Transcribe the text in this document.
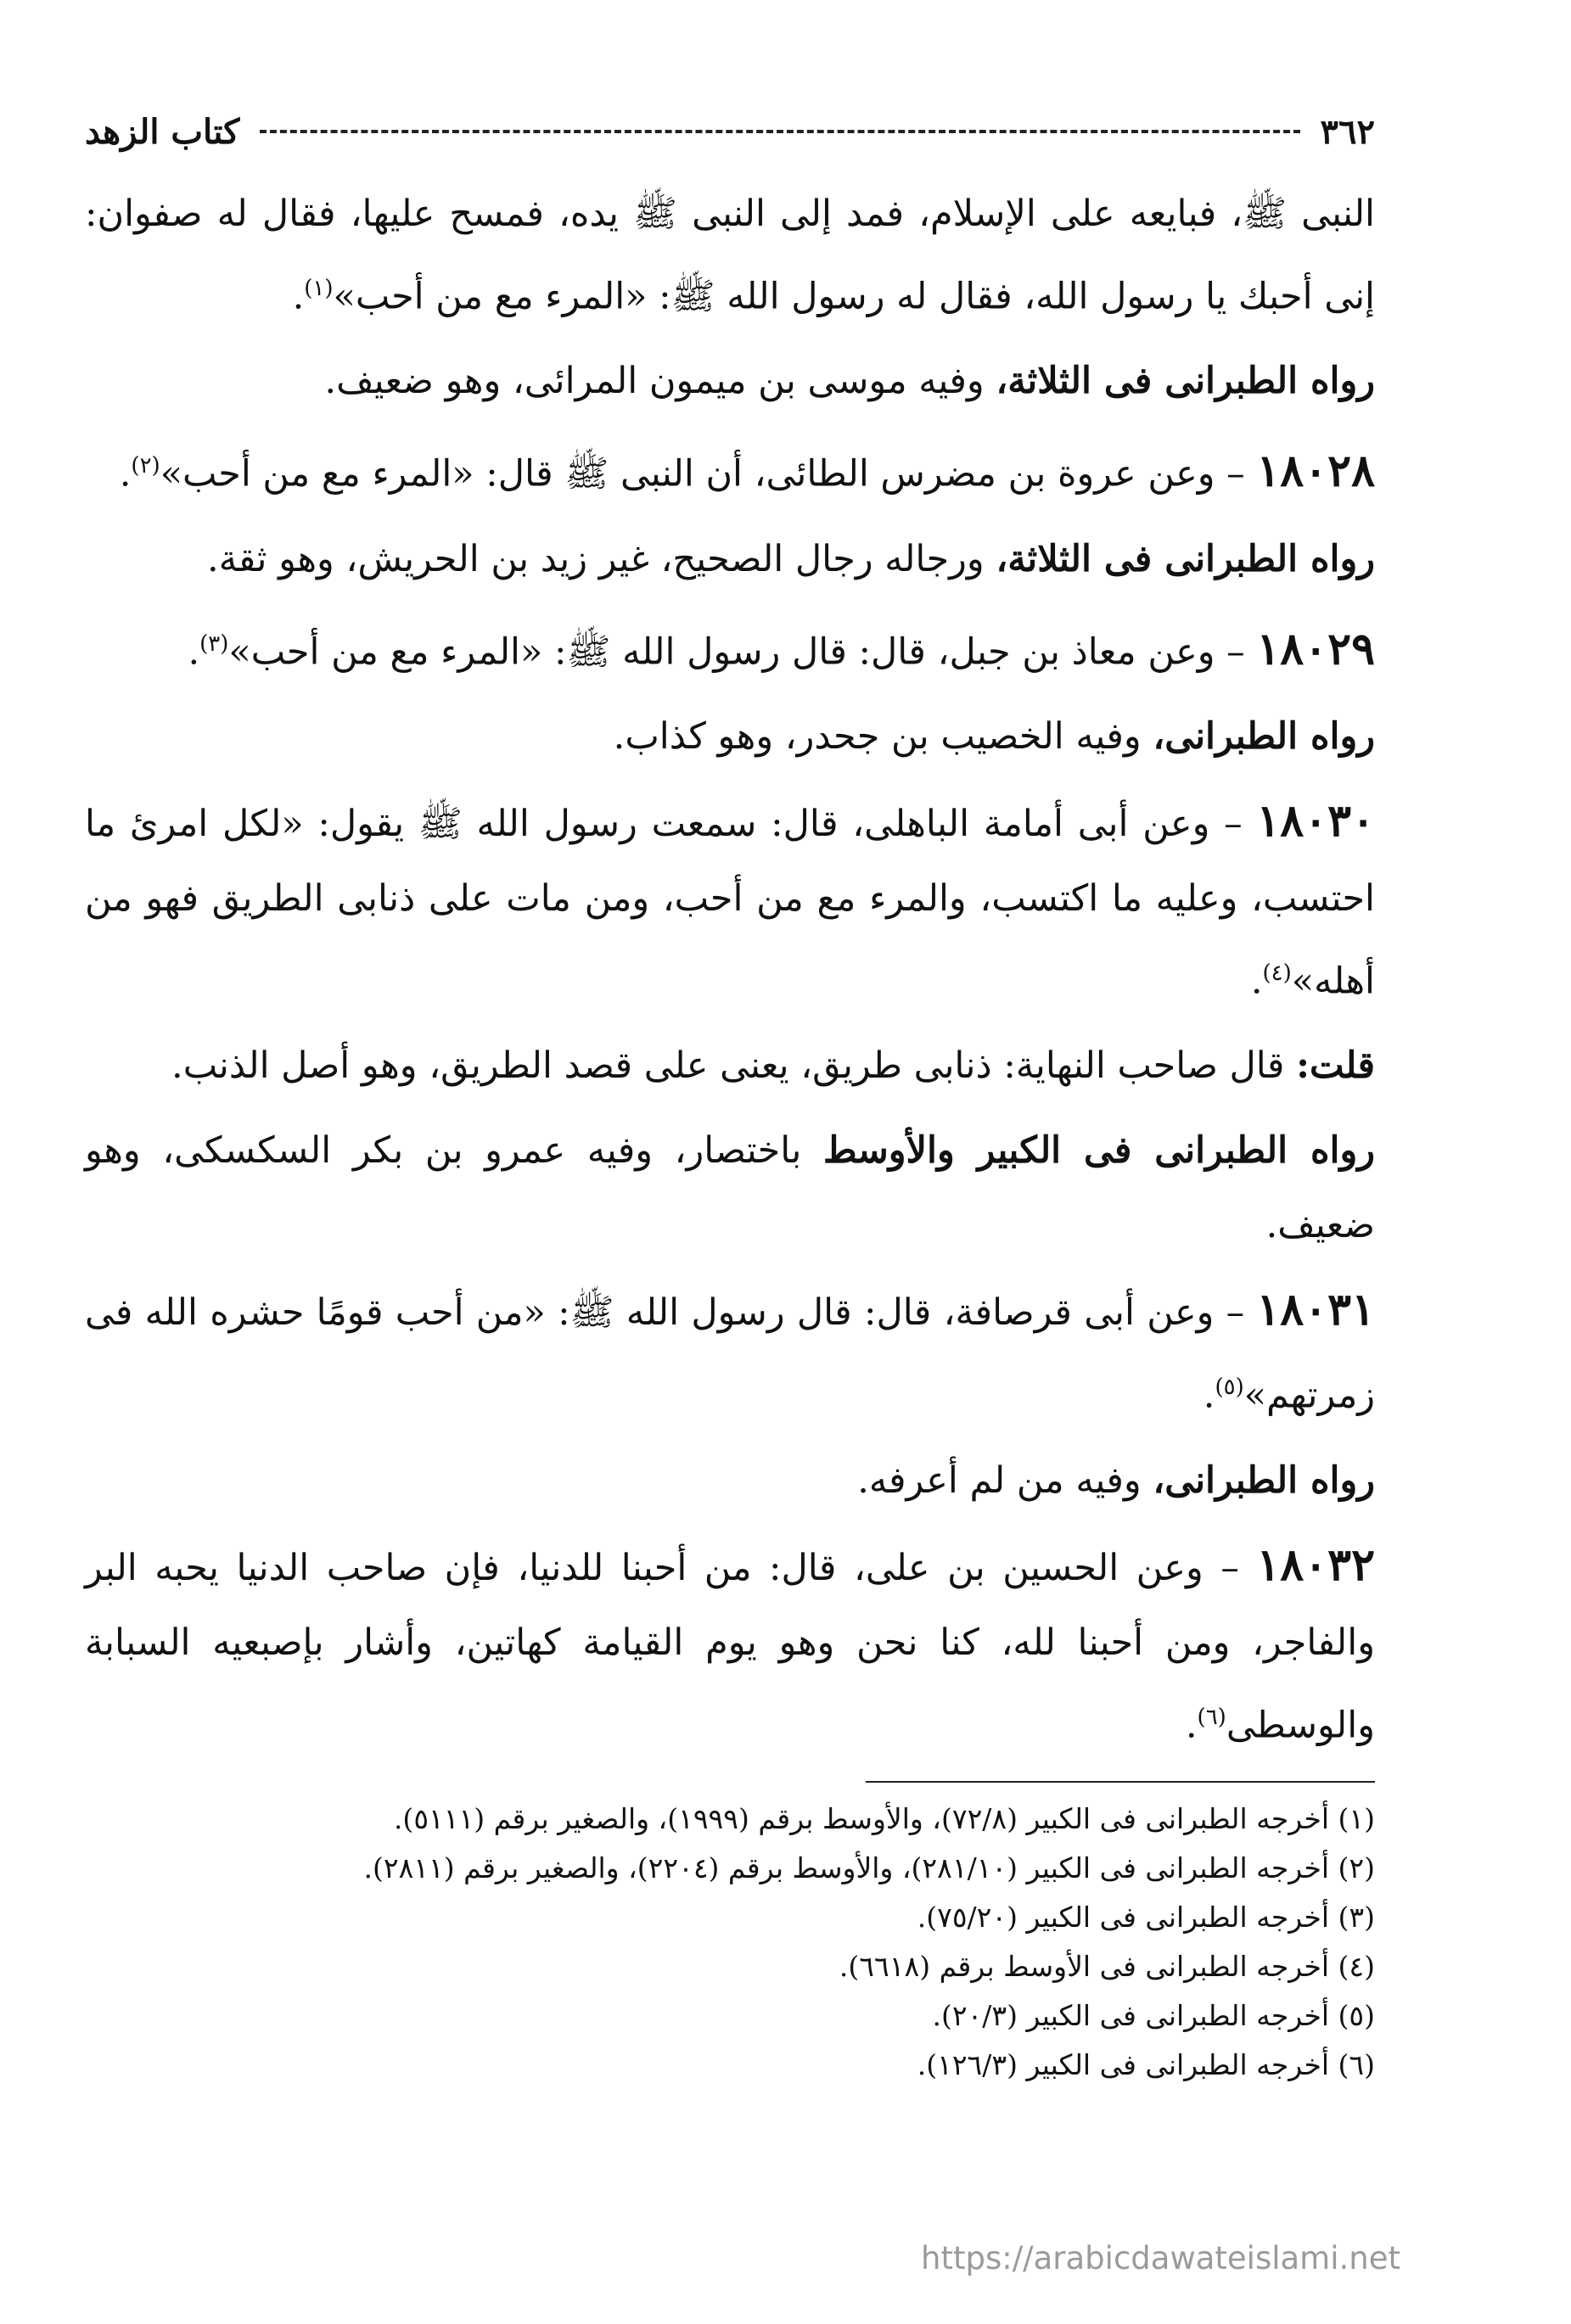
٣٦٢
كتاب الزهد

النبى ﷺ، فبايعه على الإسلام، فمد إلى النبى ﷺ يده، فمسح عليها، فقال له صفوان: إنى أحبك يا رسول الله، فقال له رسول الله ﷺ: «المرء مع من أحب»$^{(١)}$.

رواه الطبرانى فى الثلاثة، وفيه موسى بن ميمون المرائى، وهو ضعيف.

١٨٠٢٨ – وعن عروة بن مضرس الطائى، أن النبى ﷺ قال: «المرء مع من أحب»$^{(٢)}$.

رواه الطبرانى فى الثلاثة، ورجاله رجال الصحيح، غير زيد بن الحريش، وهو ثقة.

١٨٠٢٩ – وعن معاذ بن جبل، قال: قال رسول الله ﷺ: «المرء مع من أحب»$^{(٣)}$.

رواه الطبرانى، وفيه الخصيب بن جحدر، وهو كذاب.

١٨٠٣٠ – وعن أبى أمامة الباهلى، قال: سمعت رسول الله ﷺ يقول: «لكل امرئ ما احتسب، وعليه ما اكتسب، والمرء مع من أحب، ومن مات على ذنابى الطريق فهو من أهله»$^{(٤)}$.

قلت: قال صاحب النهاية: ذنابى طريق، يعنى على قصد الطريق، وهو أصل الذنب.

رواه الطبرانى فى الكبير والأوسط باختصار، وفيه عمرو بن بكر السكسكى، وهو ضعيف.

١٨٠٣١ – وعن أبى قرصافة، قال: قال رسول الله ﷺ: «من أحب قومًا حشره الله فى زمرتهم»$^{(٥)}$.

رواه الطبرانى، وفيه من لم أعرفه.

١٨٠٣٢ – وعن الحسين بن على، قال: من أحبنا للدنيا، فإن صاحب الدنيا يحبه البر والفاجر، ومن أحبنا لله، كنا نحن وهو يوم القيامة كهاتين، وأشار بإصبعيه السبابة والوسطى$^{(٦)}$.

(١) أخرجه الطبرانى فى الكبير (٧٢/٨)، والأوسط برقم (١٩٩٩)، والصغير برقم (٥١١١).

(٢) أخرجه الطبرانى فى الكبير (٢٨١/١٠)، والأوسط برقم (٢٢٠٤)، والصغير برقم (٢٨١١).

(٣) أخرجه الطبرانى فى الكبير (٧٥/٢٠).

(٤) أخرجه الطبرانى فى الأوسط برقم (٦٦١٨).

(٥) أخرجه الطبرانى فى الكبير (٢٠/٣).

(٦) أخرجه الطبرانى فى الكبير (١٢٦/٣).

https://arabicdawateislami.net
